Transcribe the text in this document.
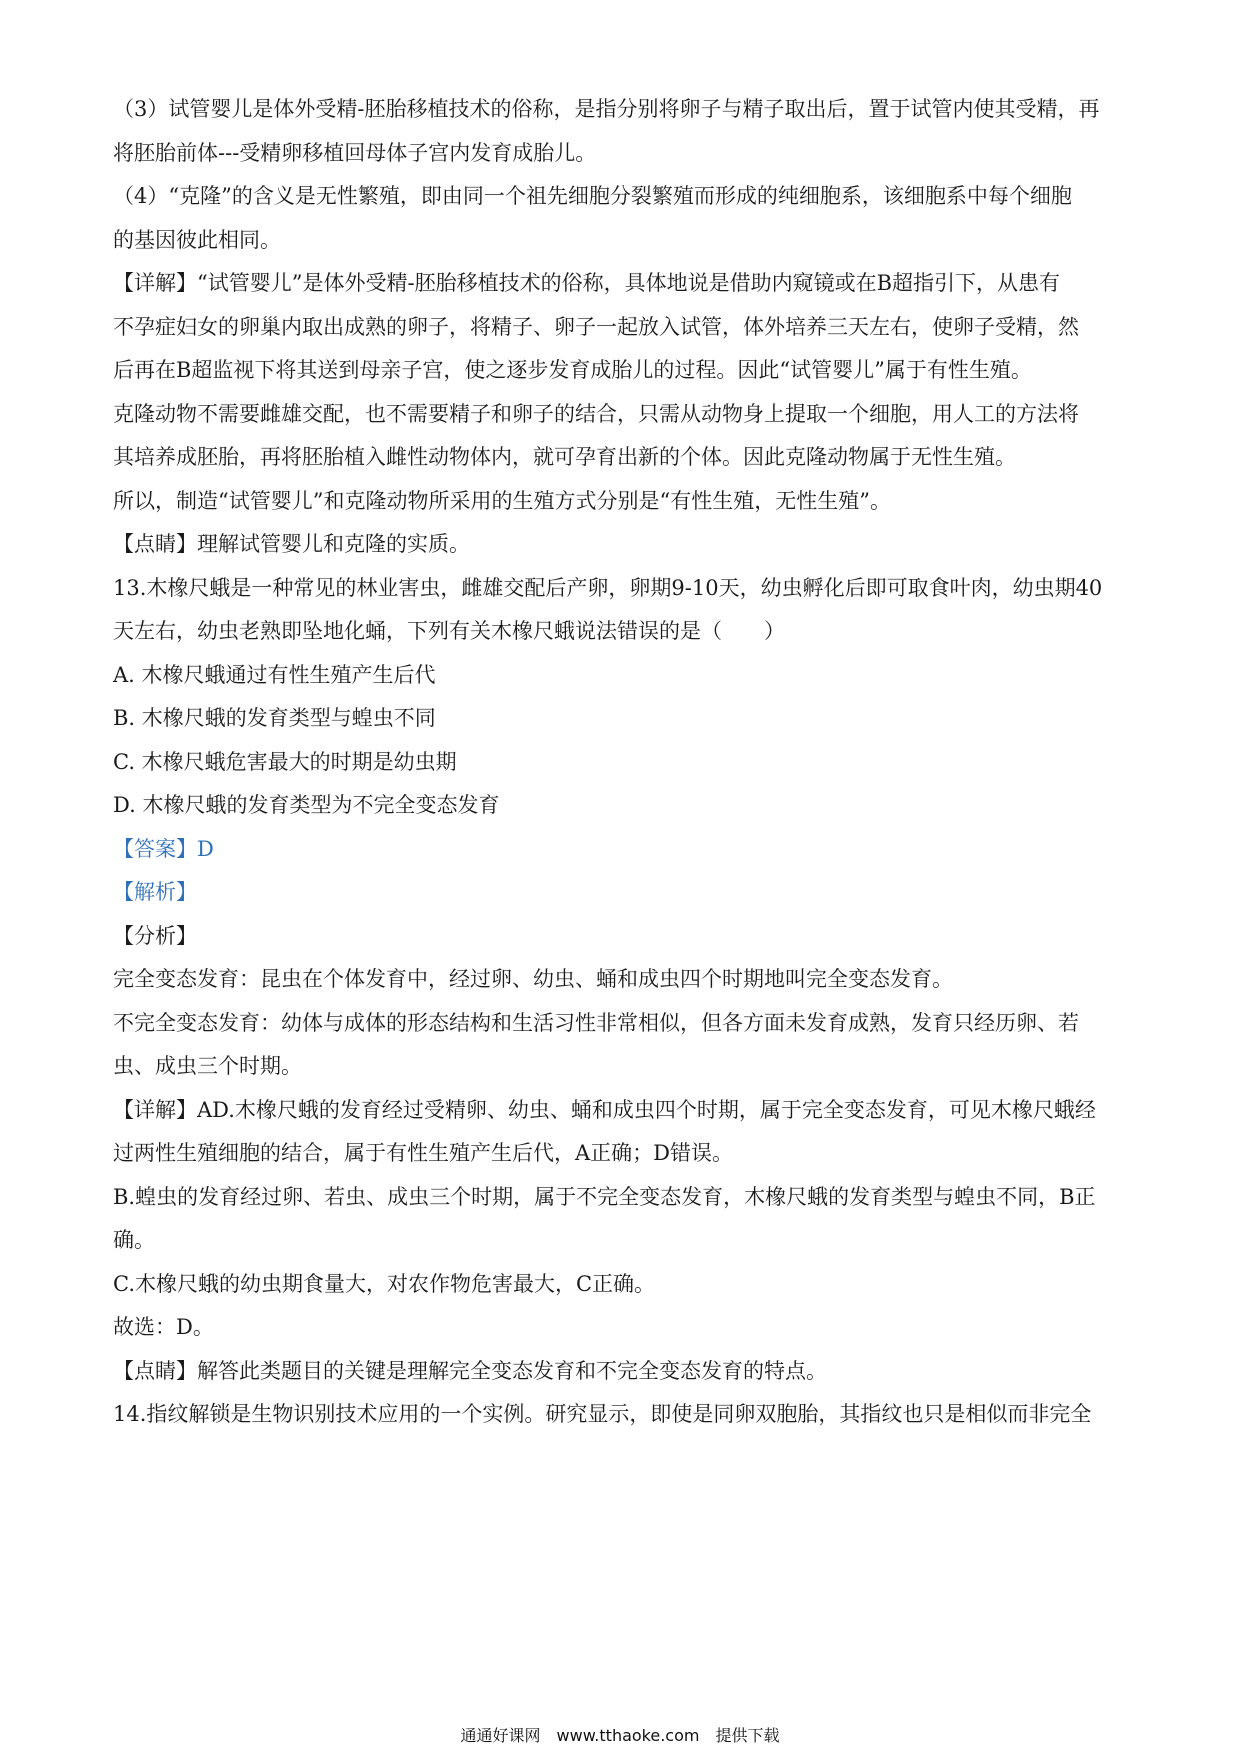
（3）试管婴儿是体外受精-胚胎移植技术的俗称，是指分别将卵子与精子取出后，置于试管内使其受精，再
将胚胎前体---受精卵移植回母体子宫内发育成胎儿。
（4）“克隆”的含义是无性繁殖，即由同一个祖先细胞分裂繁殖而形成的纯细胞系，该细胞系中每个细胞
的基因彼此相同。
【详解】“试管婴儿”是体外受精-胚胎移植技术的俗称，具体地说是借助内窥镜或在B超指引下，从患有
不孕症妇女的卵巢内取出成熟的卵子，将精子、卵子一起放入试管，体外培养三天左右，使卵子受精，然
后再在B超监视下将其送到母亲子宫，使之逐步发育成胎儿的过程。因此“试管婴儿”属于有性生殖。
克隆动物不需要雌雄交配，也不需要精子和卵子的结合，只需从动物身上提取一个细胞，用人工的方法将
其培养成胚胎，再将胚胎植入雌性动物体内，就可孕育出新的个体。因此克隆动物属于无性生殖。
所以，制造“试管婴儿”和克隆动物所采用的生殖方式分别是“有性生殖，无性生殖”。
【点睛】理解试管婴儿和克隆的实质。
13.木橡尺蛾是一种常见的林业害虫，雌雄交配后产卵，卵期9-10天，幼虫孵化后即可取食叶肉，幼虫期40
天左右，幼虫老熟即坠地化蛹，下列有关木橡尺蛾说法错误的是（　　）
A. 木橡尺蛾通过有性生殖产生后代
B. 木橡尺蛾的发育类型与蝗虫不同
C. 木橡尺蛾危害最大的时期是幼虫期
D. 木橡尺蛾的发育类型为不完全变态发育
【答案】D
【解析】
【分析】
完全变态发育：昆虫在个体发育中，经过卵、幼虫、蛹和成虫四个时期地叫完全变态发育。
不完全变态发育：幼体与成体的形态结构和生活习性非常相似，但各方面未发育成熟，发育只经历卵、若
虫、成虫三个时期。
【详解】AD.木橡尺蛾的发育经过受精卵、幼虫、蛹和成虫四个时期，属于完全变态发育，可见木橡尺蛾经
过两性生殖细胞的结合，属于有性生殖产生后代，A正确；D错误。
B.蝗虫的发育经过卵、若虫、成虫三个时期，属于不完全变态发育，木橡尺蛾的发育类型与蝗虫不同，B正
确。
C.木橡尺蛾的幼虫期食量大，对农作物危害最大，C正确。
故选：D。
【点睛】解答此类题目的关键是理解完全变态发育和不完全变态发育的特点。
14.指纹解锁是生物识别技术应用的一个实例。研究显示，即使是同卵双胞胎，其指纹也只是相似而非完全
通通好课网　www.tthaoke.com　提供下载
